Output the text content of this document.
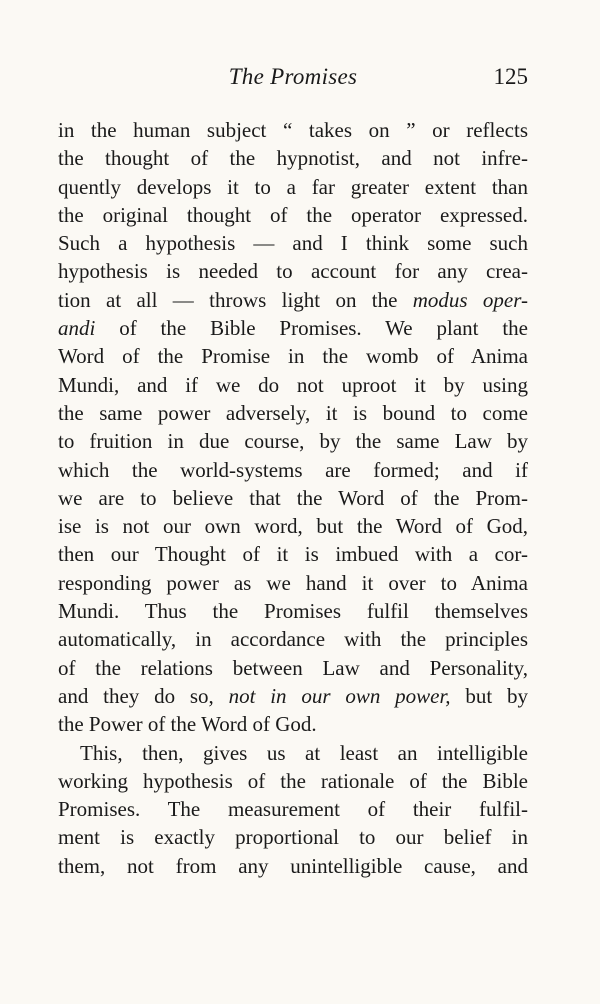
The Promises	125
in the human subject “ takes on ” or reflects
the thought of the hypnotist, and not infre-
quently develops it to a far greater extent than
the original thought of the operator expressed.
Such a hypothesis — and I think some such
hypothesis is needed to account for any crea-
tion at all — throws light on the modus oper-
andi of the Bible Promises. We plant the
Word of the Promise in the womb of Anima
Mundi, and if we do not uproot it by using
the same power adversely, it is bound to come
to fruition in due course, by the same Law by
which the world-systems are formed; and if
we are to believe that the Word of the Prom-
ise is not our own word, but the Word of God,
then our Thought of it is imbued with a cor-
responding power as we hand it over to Anima
Mundi. Thus the Promises fulfil themselves
automatically, in accordance with the principles
of the relations between Law and Personality,
and they do so, not in our own power, but by
the Power of the Word of God.
This, then, gives us at least an intelligible
working hypothesis of the rationale of the Bible
Promises. The measurement of their fulfil-
ment is exactly proportional to our belief in
them, not from any unintelligible cause, and
